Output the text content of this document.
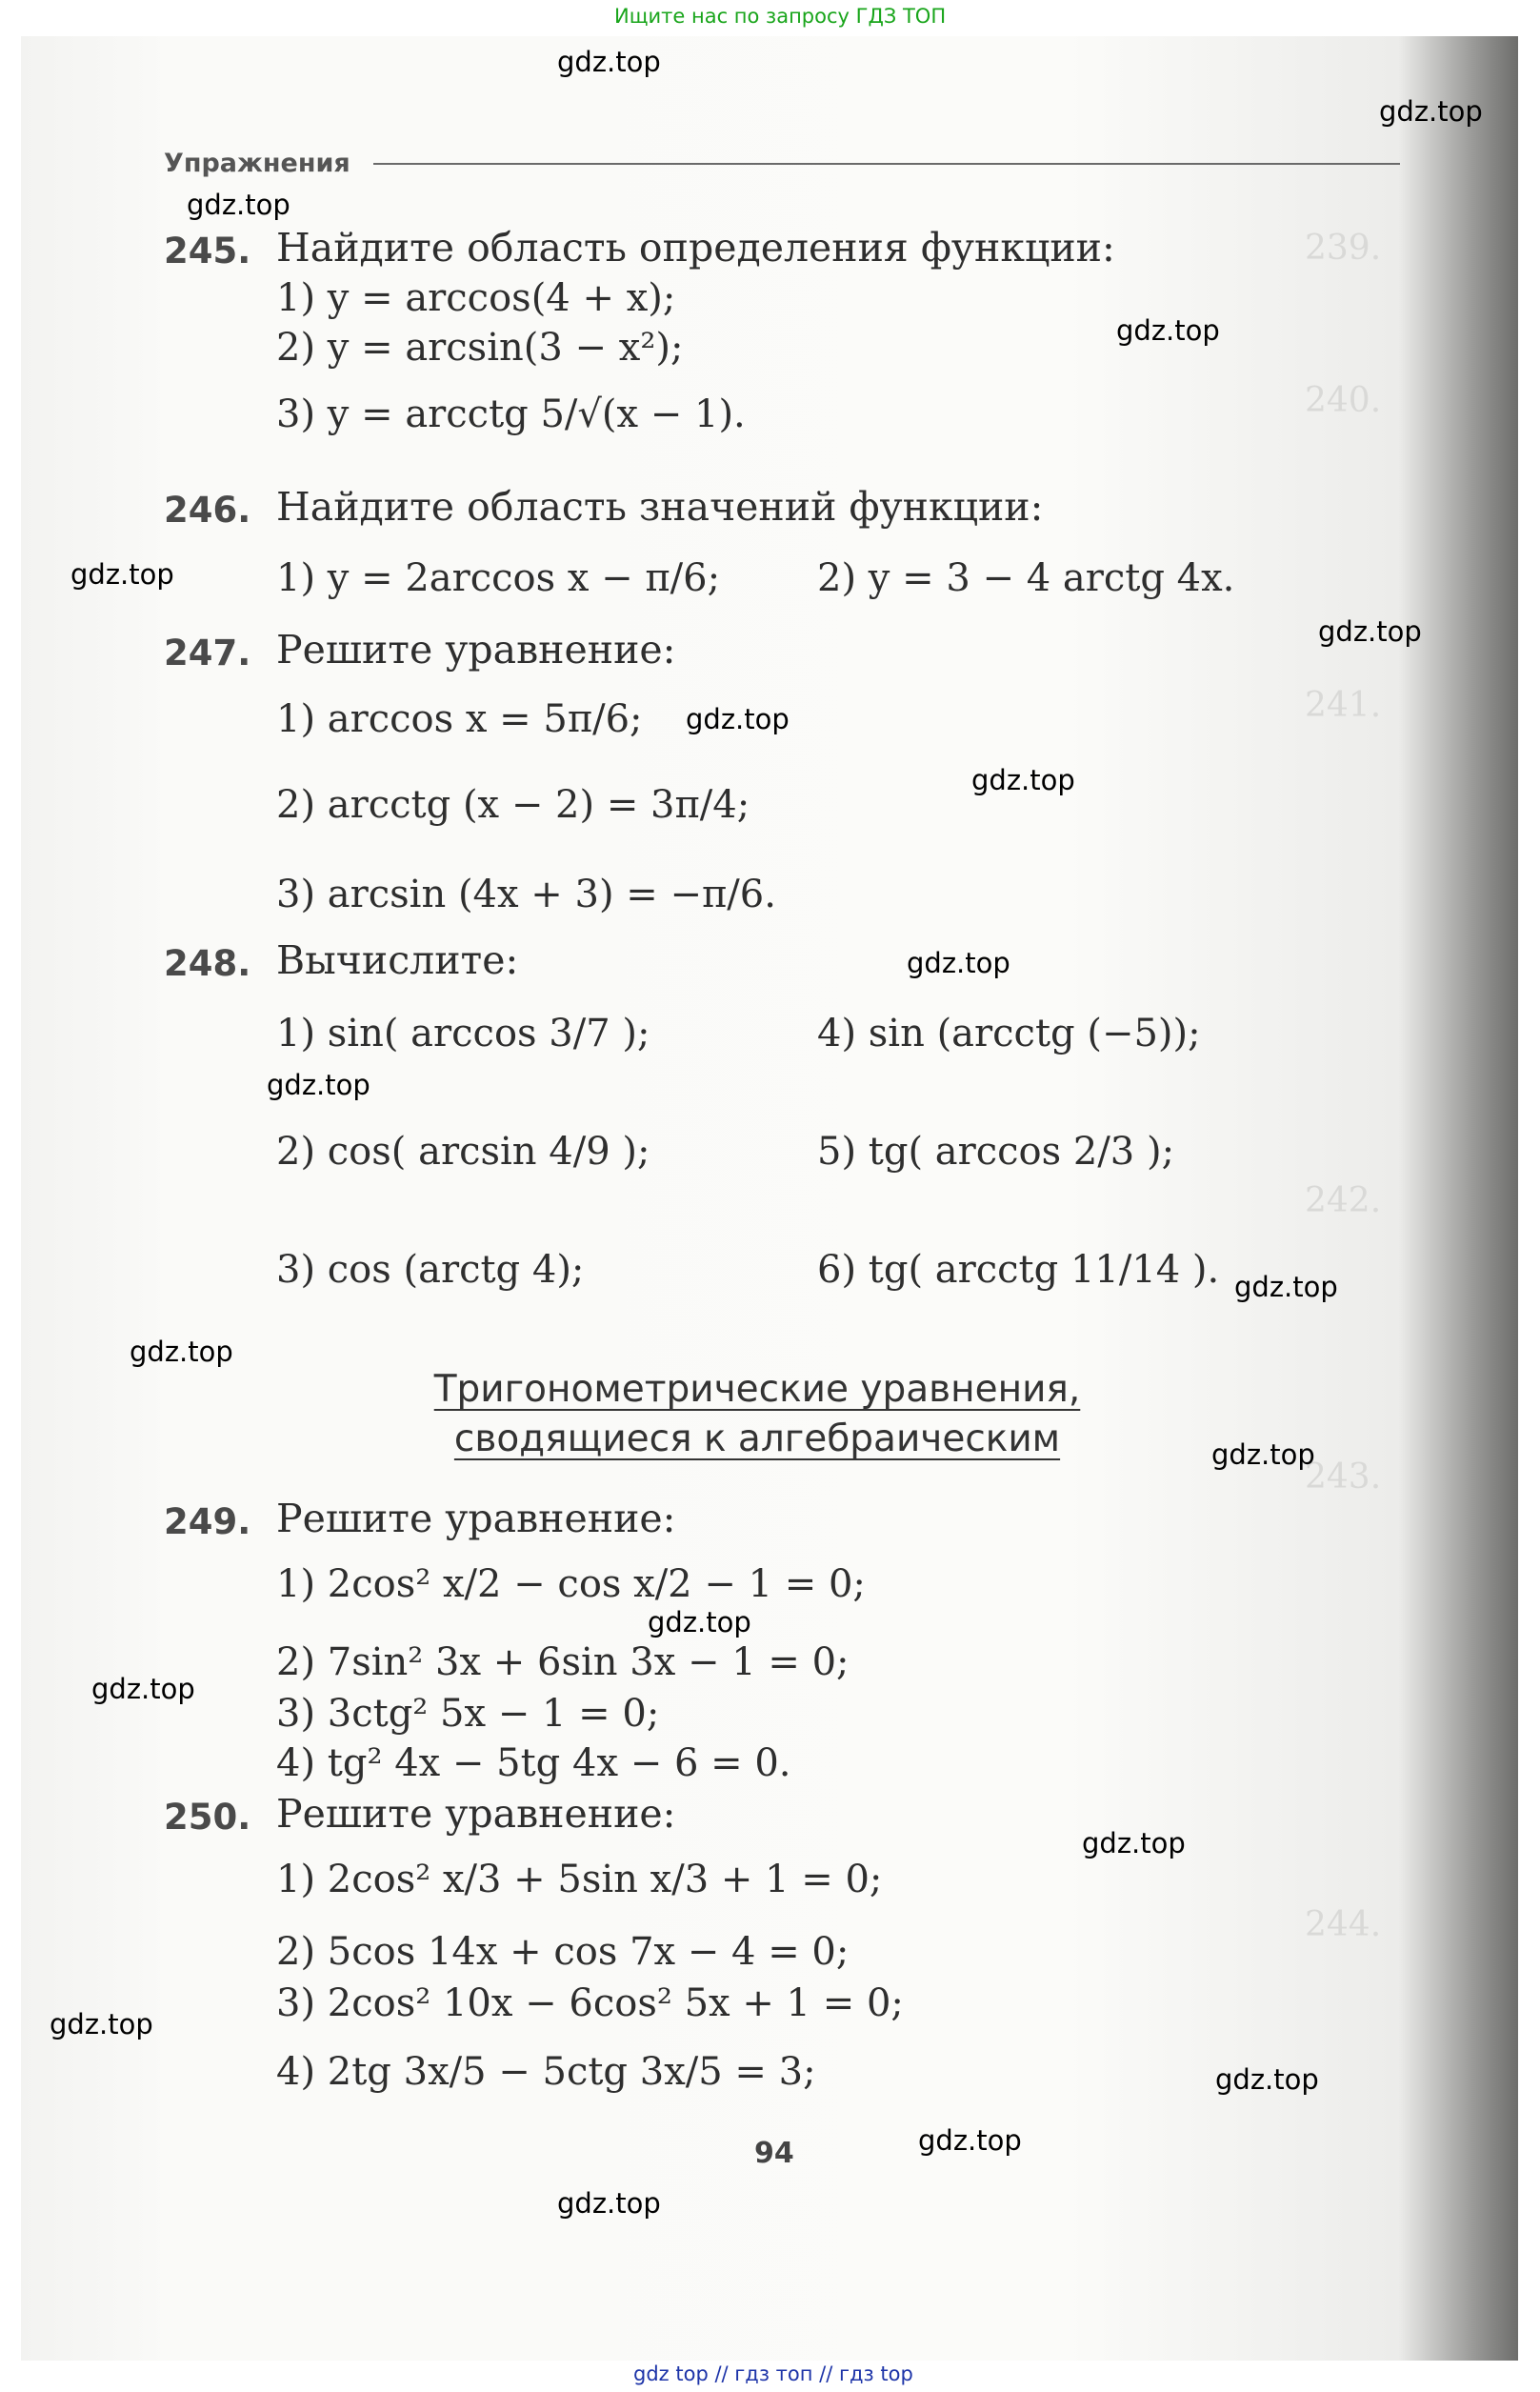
Ищите нас по запросу ГДЗ ТОП
239.
240.
241.
242.
243.
244.
Упражнения
245. Найдите область определения функции:
1) y = arccos(4 + x);
2) y = arcsin(3 − x²);
3) y = arcctg 5/√(x − 1).
246. Найдите область значений функции:
1) y = 2arccos x − π/6;	2) y = 3 − 4 arctg 4x.
247. Решите уравнение:
1) arccos x = 5π/6;
2) arcctg (x − 2) = 3π/4;
3) arcsin (4x + 3) = −π/6.
248. Вычислите:
1) sin( arccos 3/7 );	4) sin (arcctg (−5));
2) cos( arcsin 4/9 );	5) tg( arccos 2/3 );
3) cos (arctg 4);	6) tg( arcctg 11/14 ).
Тригонометрические уравнения,
сводящиеся к алгебраическим
249. Решите уравнение:
1) 2cos² x/2 − cos x/2 − 1 = 0;
2) 7sin² 3x + 6sin 3x − 1 = 0;
3) 3ctg² 5x − 1 = 0;
4) tg² 4x − 5tg 4x − 6 = 0.
250. Решите уравнение:
1) 2cos² x/3 + 5sin x/3 + 1 = 0;
2) 5cos 14x + cos 7x − 4 = 0;
3) 2cos² 10x − 6cos² 5x + 1 = 0;
4) 2tg 3x/5 − 5ctg 3x/5 = 3;
94
gdz.top
gdz.top
gdz.top
gdz.top
gdz.top
gdz.top
gdz.top
gdz.top
gdz.top
gdz.top
gdz.top
gdz.top
gdz.top
gdz.top
gdz.top
gdz.top
gdz.top
gdz.top
gdz.top
gdz.top
gdz top // гдз топ // гдз top
